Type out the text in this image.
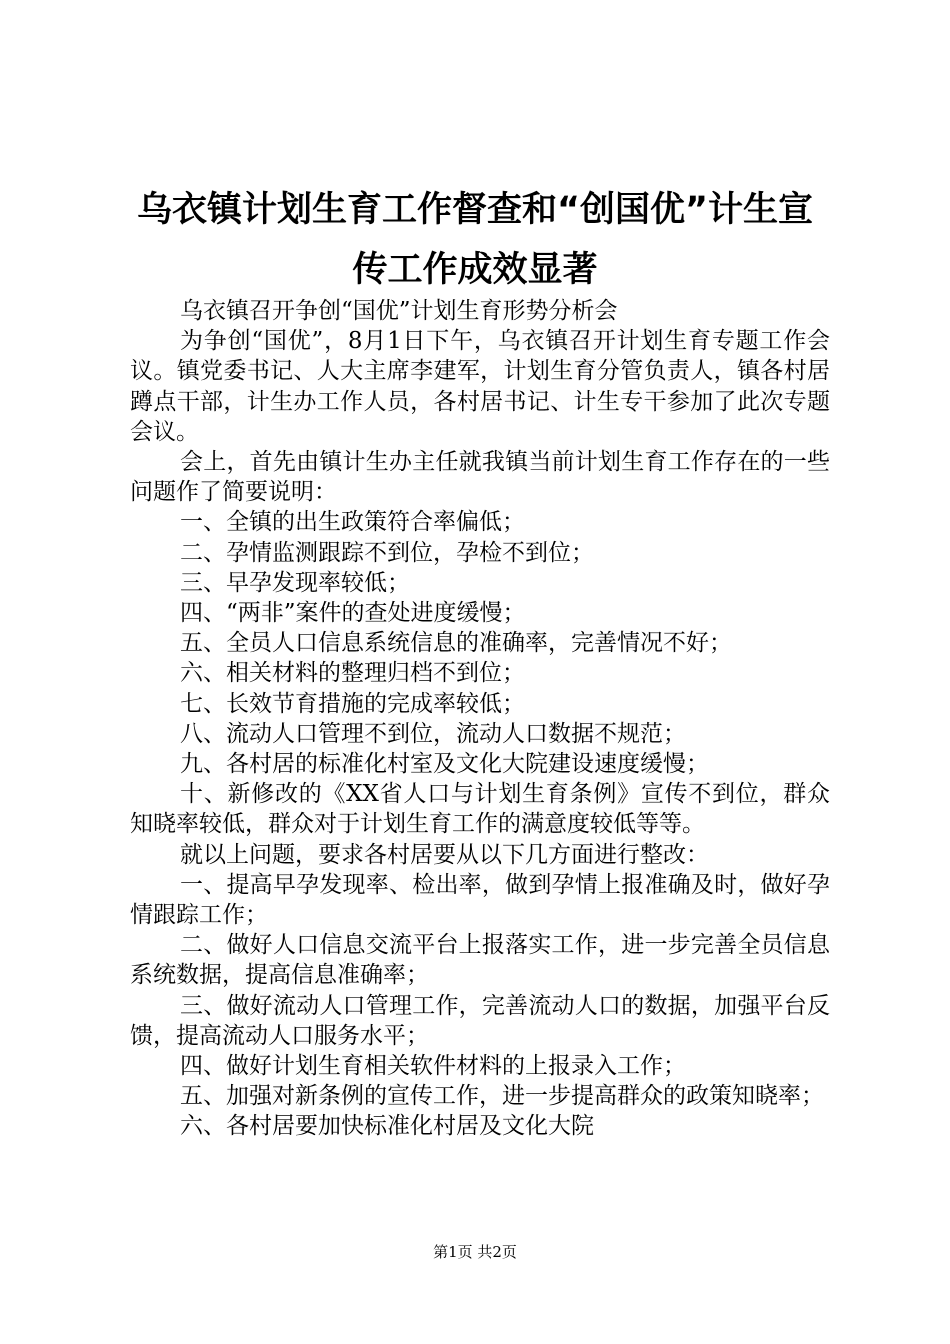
乌衣镇计划生育工作督查和“创国优”计生宣
传工作成效显著

乌衣镇召开争创“国优”计划生育形势分析会

为争创“国优”，8月1日下午，乌衣镇召开计划生育专题工作会议。镇党委书记、人大主席李建军，计划生育分管负责人，镇各村居蹲点干部，计生办工作人员，各村居书记、计生专干参加了此次专题会议。

会上，首先由镇计生办主任就我镇当前计划生育工作存在的一些问题作了简要说明：

一、全镇的出生政策符合率偏低；

二、孕情监测跟踪不到位，孕检不到位；

三、早孕发现率较低；

四、“两非”案件的查处进度缓慢；

五、全员人口信息系统信息的准确率，完善情况不好；

六、相关材料的整理归档不到位；

七、长效节育措施的完成率较低；

八、流动人口管理不到位，流动人口数据不规范；

九、各村居的标准化村室及文化大院建设速度缓慢；

十、新修改的《XX省人口与计划生育条例》宣传不到位，群众知晓率较低，群众对于计划生育工作的满意度较低等等。

就以上问题，要求各村居要从以下几方面进行整改：

一、提高早孕发现率、检出率，做到孕情上报准确及时，做好孕情跟踪工作；

二、做好人口信息交流平台上报落实工作，进一步完善全员信息系统数据，提高信息准确率；

三、做好流动人口管理工作，完善流动人口的数据，加强平台反馈，提高流动人口服务水平；

四、做好计划生育相关软件材料的上报录入工作；

五、加强对新条例的宣传工作，进一步提高群众的政策知晓率；

六、各村居要加快标准化村居及文化大院

第1页 共2页
